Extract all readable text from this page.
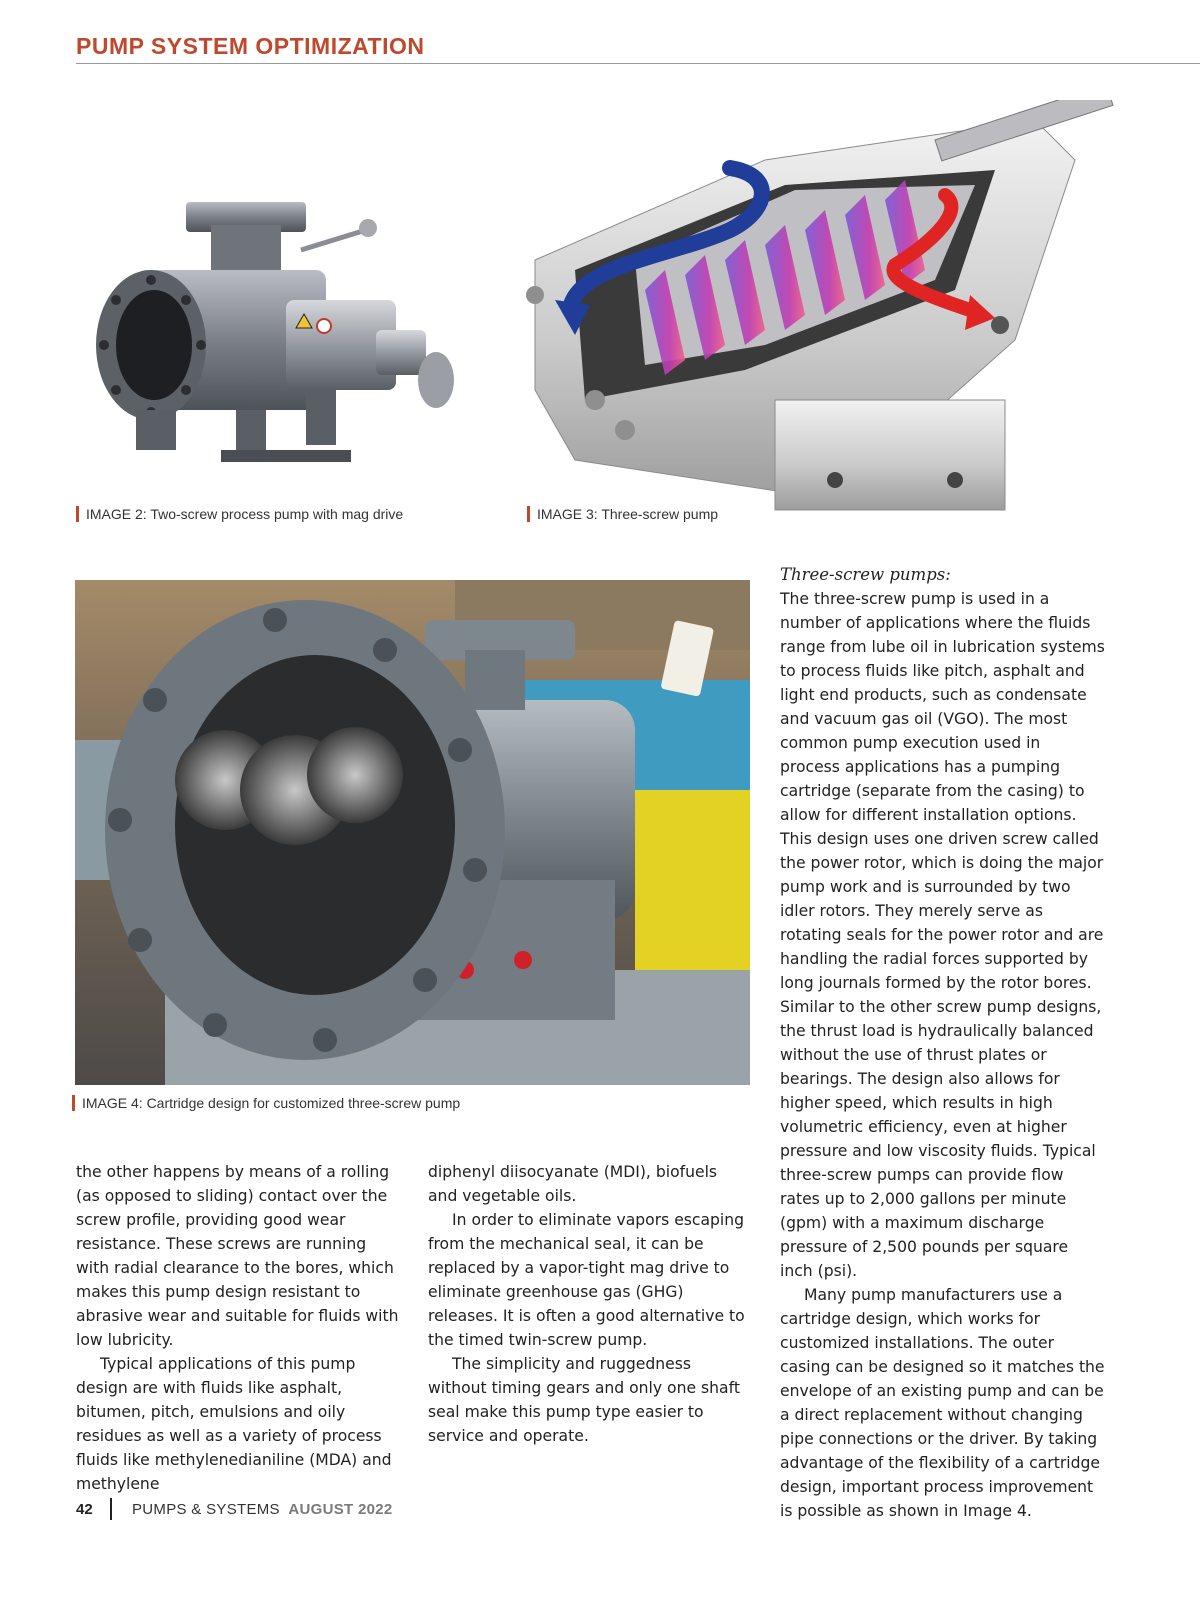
PUMP SYSTEM OPTIMIZATION
IMAGE 2: Two-screw process pump with mag drive	IMAGE 3: Three-screw pump
IMAGE 4: Cartridge design for customized three-screw pump

the other happens by means of a rolling (as opposed to sliding) contact over the screw profile, providing good wear resistance. These screws are running with radial clearance to the bores, which makes this pump design resistant to abrasive wear and suitable for fluids with low lubricity.

Typical applications of this pump design are with fluids like asphalt, bitumen, pitch, emulsions and oily residues as well as a variety of process fluids like methylenedianiline (MDA) and methylene

diphenyl diisocyanate (MDI), biofuels and vegetable oils.

In order to eliminate vapors escaping from the mechanical seal, it can be replaced by a vapor-tight mag drive to eliminate greenhouse gas (GHG) releases. It is often a good alternative to the timed twin-screw pump.

The simplicity and ruggedness without timing gears and only one shaft seal make this pump type easier to service and operate.

Three-screw pumps:

The three-screw pump is used in a number of applications where the fluids range from lube oil in lubrication systems to process fluids like pitch, asphalt and light end products, such as condensate and vacuum gas oil (VGO). The most common pump execution used in process applications has a pumping cartridge (separate from the casing) to allow for different installation options. This design uses one driven screw called the power rotor, which is doing the major pump work and is surrounded by two idler rotors. They merely serve as rotating seals for the power rotor and are handling the radial forces supported by long journals formed by the rotor bores. Similar to the other screw pump designs, the thrust load is hydraulically balanced without the use of thrust plates or bearings. The design also allows for higher speed, which results in high volumetric efficiency, even at higher pressure and low viscosity fluids. Typical three-screw pumps can provide flow rates up to 2,000 gallons per minute (gpm) with a maximum discharge pressure of 2,500 pounds per square inch (psi).

Many pump manufacturers use a cartridge design, which works for customized installations. The outer casing can be designed so it matches the envelope of an existing pump and can be a direct replacement without changing pipe connections or the driver. By taking advantage of the flexibility of a cartridge design, important process improvement is possible as shown in Image 4.

42	PUMPS & SYSTEMS AUGUST 2022
